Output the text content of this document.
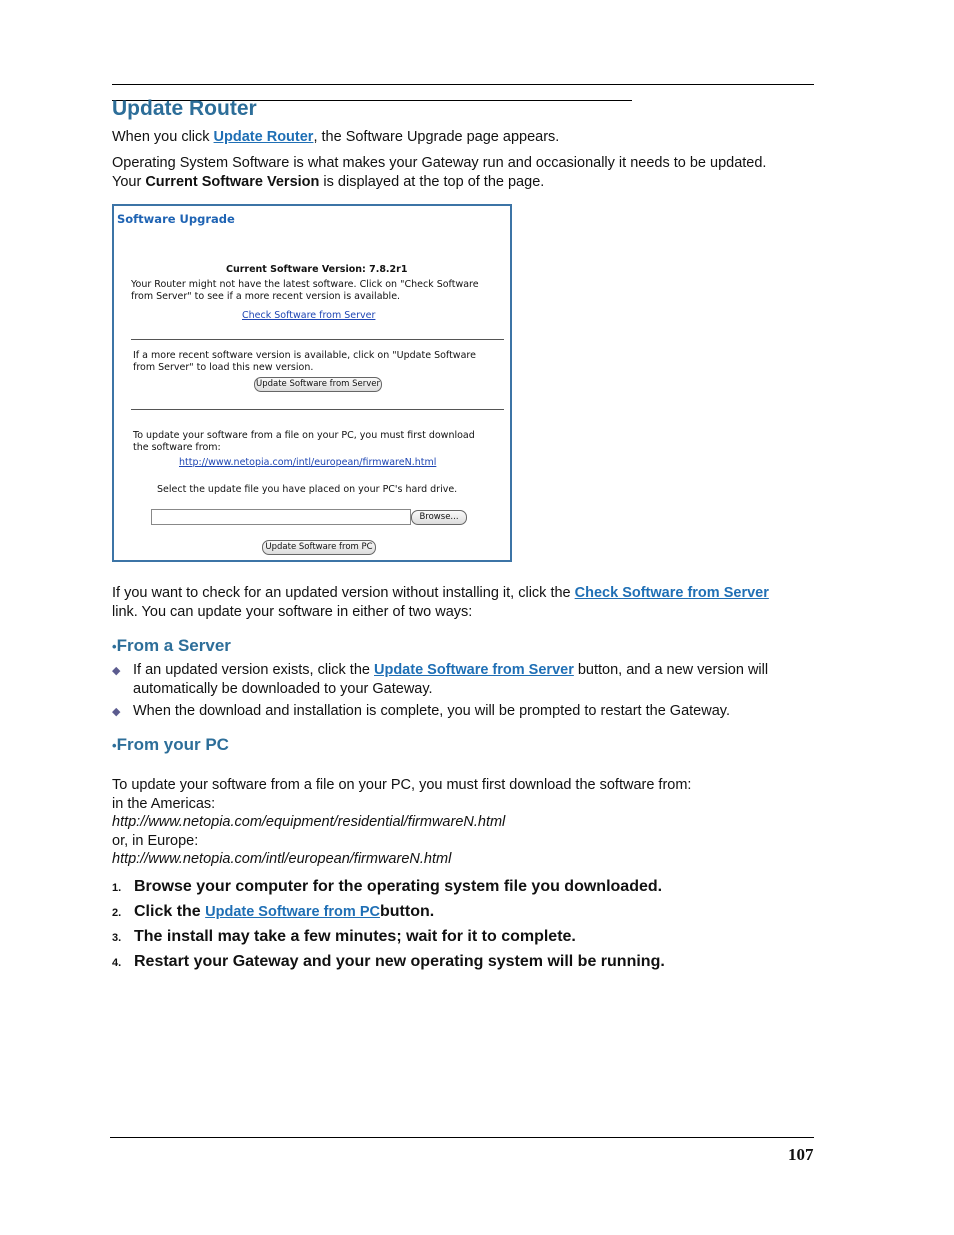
Update Router
When you click Update Router, the Software Upgrade page appears.
Operating System Software is what makes your Gateway run and occasionally it needs to be updated.
Your Current Software Version is displayed at the top of the page.
Software Upgrade
Current Software Version: 7.8.2r1
Your Router might not have the latest software. Click on "Check Software
from Server" to see if a more recent version is available.
Check Software from Server
If a more recent software version is available, click on "Update Software
from Server" to load this new version.
Update Software from Server
To update your software from a file on your PC, you must first download
the software from:
http://www.netopia.com/intl/european/firmwareN.html
Select the update file you have placed on your PC's hard drive.
Browse...
Update Software from PC
If you want to check for an updated version without installing it, click the Check Software from Server
link. You can update your software in either of two ways:
•From a Server
◆ If an updated version exists, click the Update Software from Server button, and a new version will
automatically be downloaded to your Gateway.
◆ When the download and installation is complete, you will be prompted to restart the Gateway.
•From your PC
To update your software from a file on your PC, you must first download the software from:
in the Americas:
http://www.netopia.com/equipment/residential/firmwareN.html
or, in Europe:
http://www.netopia.com/intl/european/firmwareN.html
1. Browse your computer for the operating system file you downloaded.
2. Click the
Update Software from PC button.
3. The install may take a few minutes; wait for it to complete.
4. Restart your Gateway and your new operating system will be running.
107
